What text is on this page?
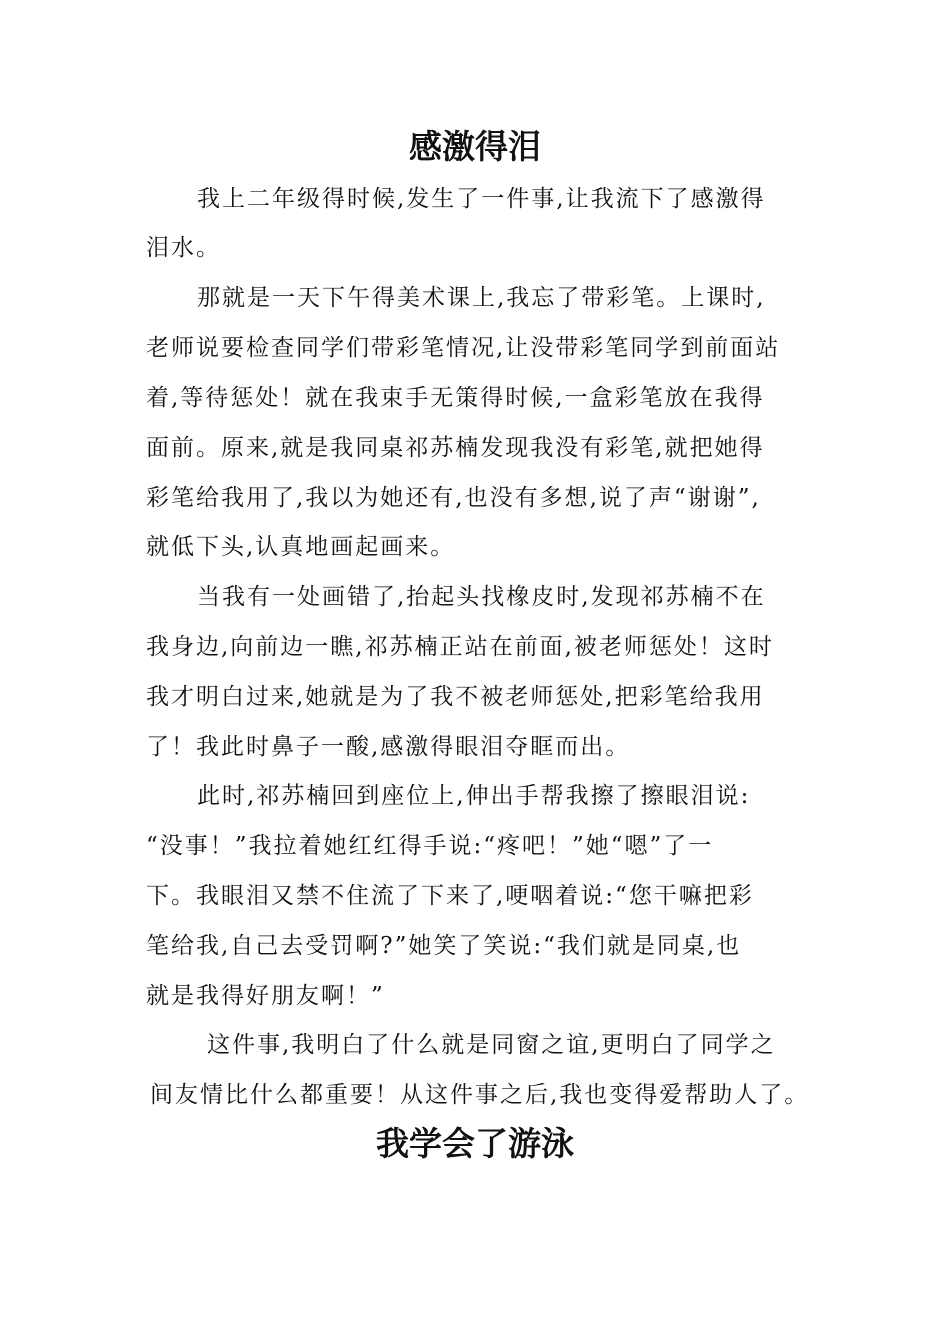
感激得泪

我上二年级得时候,发生了一件事,让我流下了感激得

泪水。

那就是一天下午得美术课上,我忘了带彩笔。上课时,

老师说要检查同学们带彩笔情况,让没带彩笔同学到前面站

着,等待惩处！就在我束手无策得时候,一盒彩笔放在我得

面前。原来,就是我同桌祁苏楠发现我没有彩笔,就把她得

彩笔给我用了,我以为她还有,也没有多想,说了声“谢谢”,

就低下头,认真地画起画来。

当我有一处画错了,抬起头找橡皮时,发现祁苏楠不在

我身边,向前边一瞧,祁苏楠正站在前面,被老师惩处！这时

我才明白过来,她就是为了我不被老师惩处,把彩笔给我用

了！我此时鼻子一酸,感激得眼泪夺眶而出。

此时,祁苏楠回到座位上,伸出手帮我擦了擦眼泪说:

“没事！”我拉着她红红得手说:“疼吧！”她“嗯”了一

下。我眼泪又禁不住流了下来了,哽咽着说:“您干嘛把彩

笔给我,自己去受罚啊?”她笑了笑说:“我们就是同桌,也

就是我得好朋友啊！”

这件事,我明白了什么就是同窗之谊,更明白了同学之

间友情比什么都重要！从这件事之后,我也变得爱帮助人了。

我学会了游泳
